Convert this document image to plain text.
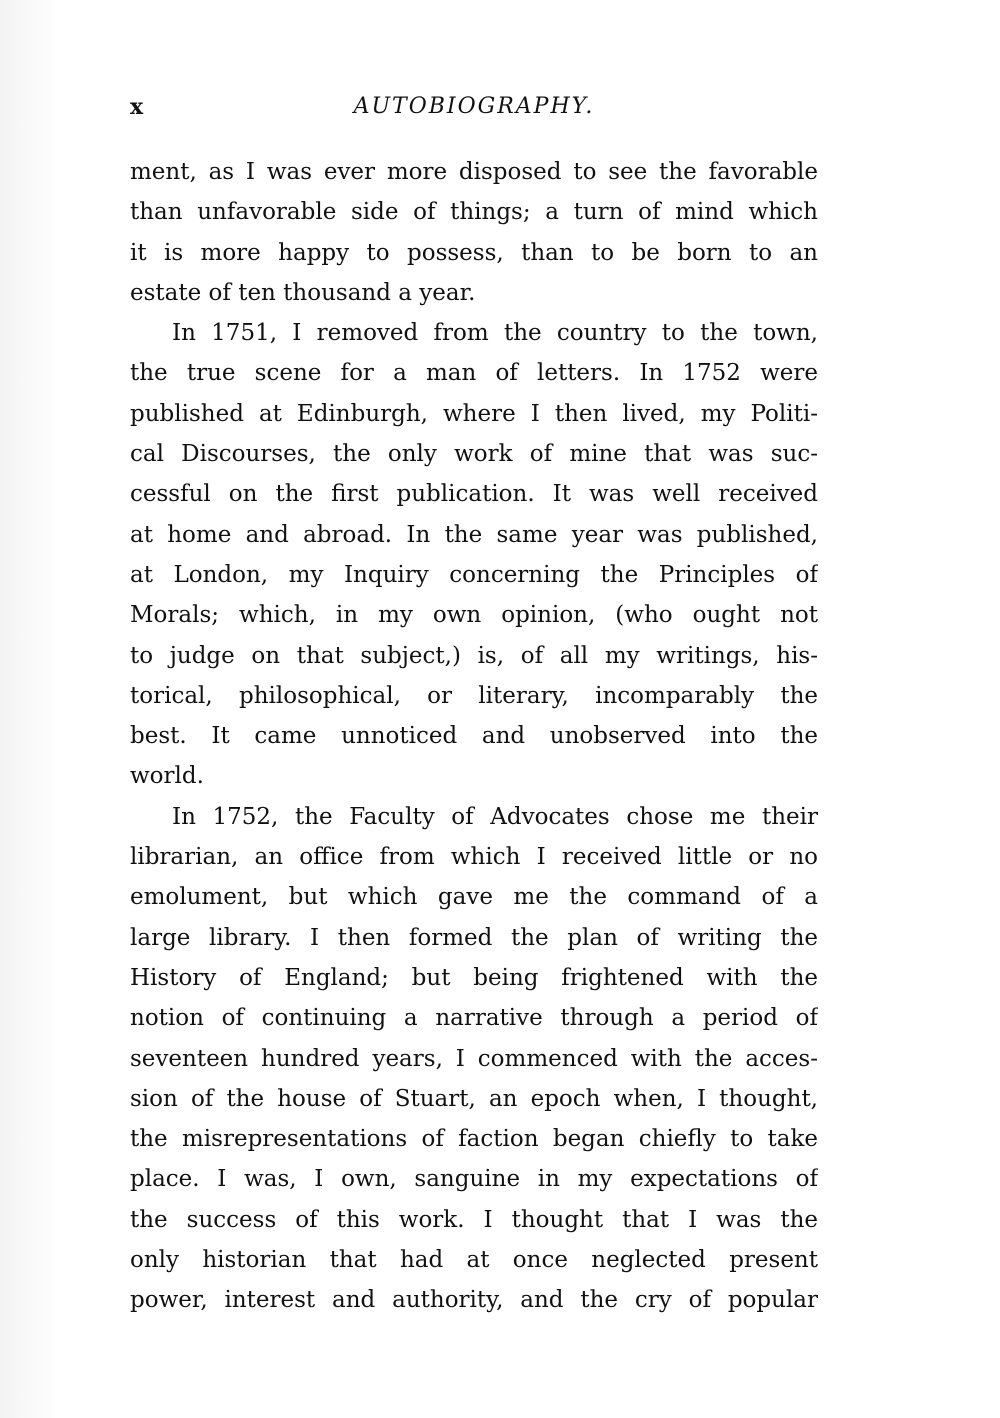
x	AUTOBIOGRAPHY.
ment, as I was ever more disposed to see the favorable
than unfavorable side of things; a turn of mind which
it is more happy to possess, than to be born to an
estate of ten thousand a year.
In 1751, I removed from the country to the town,
the true scene for a man of letters. In 1752 were
published at Edinburgh, where I then lived, my Politi-
cal Discourses, the only work of mine that was suc-
cessful on the first publication. It was well received
at home and abroad. In the same year was published,
at London, my Inquiry concerning the Principles of
Morals; which, in my own opinion, (who ought not
to judge on that subject,) is, of all my writings, his-
torical, philosophical, or literary, incomparably the
best. It came unnoticed and unobserved into the
world.
In 1752, the Faculty of Advocates chose me their
librarian, an office from which I received little or no
emolument, but which gave me the command of a
large library. I then formed the plan of writing the
History of England; but being frightened with the
notion of continuing a narrative through a period of
seventeen hundred years, I commenced with the acces-
sion of the house of Stuart, an epoch when, I thought,
the misrepresentations of faction began chiefly to take
place. I was, I own, sanguine in my expectations of
the success of this work. I thought that I was the
only historian that had at once neglected present
power, interest and authority, and the cry of popular
